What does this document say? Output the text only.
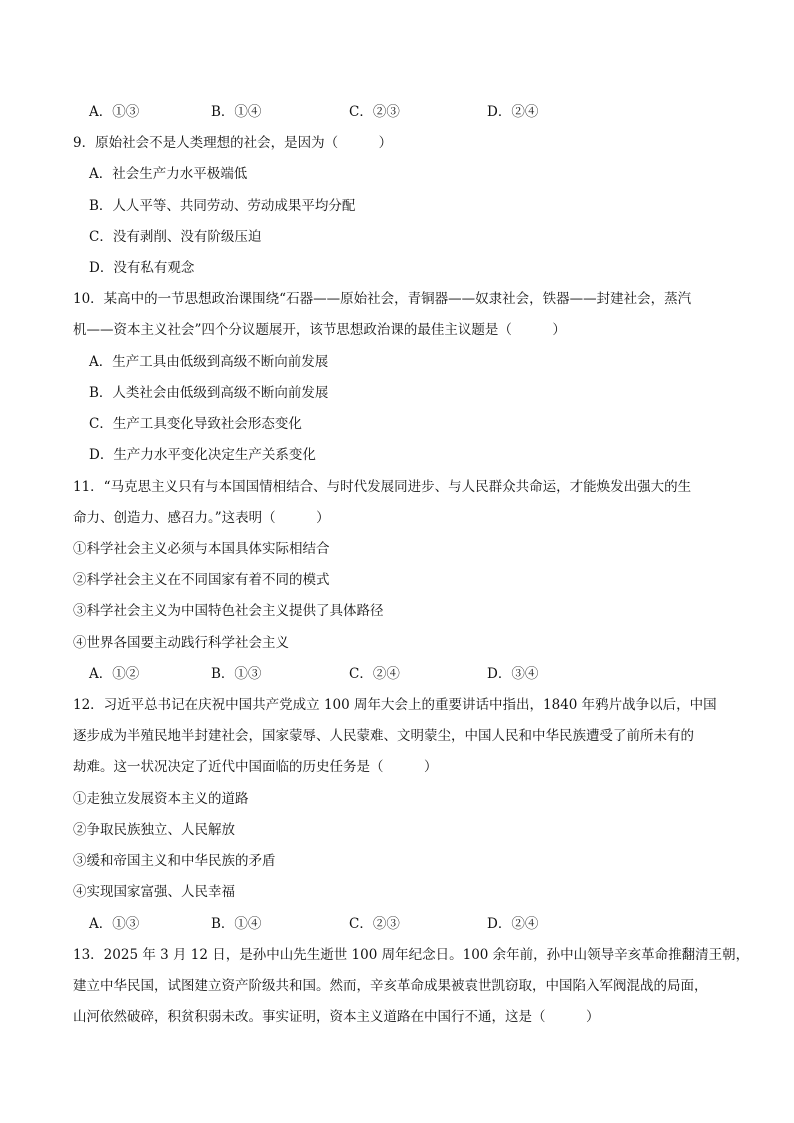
A．①③	B．①④	C．②③	D．②④
9．原始社会不是人类理想的社会，是因为（　　　）
A．社会生产力水平极端低
B．人人平等、共同劳动、劳动成果平均分配
C．没有剥削、没有阶级压迫
D．没有私有观念
10．某高中的一节思想政治课围绕“石器——原始社会，青铜器——奴隶社会，铁器——封建社会，蒸汽
机——资本主义社会”四个分议题展开，该节思想政治课的最佳主议题是（　　　）
A．生产工具由低级到高级不断向前发展
B．人类社会由低级到高级不断向前发展
C．生产工具变化导致社会形态变化
D．生产力水平变化决定生产关系变化
11．“马克思主义只有与本国国情相结合、与时代发展同进步、与人民群众共命运，才能焕发出强大的生
命力、创造力、感召力。”这表明（　　　）
①科学社会主义必须与本国具体实际相结合
②科学社会主义在不同国家有着不同的模式
③科学社会主义为中国特色社会主义提供了具体路径
④世界各国要主动践行科学社会主义
A．①②	B．①③	C．②④	D．③④
12．习近平总书记在庆祝中国共产党成立 100 周年大会上的重要讲话中指出，1840 年鸦片战争以后，中国
逐步成为半殖民地半封建社会，国家蒙辱、人民蒙难、文明蒙尘，中国人民和中华民族遭受了前所未有的
劫难。这一状况决定了近代中国面临的历史任务是（　　　）
①走独立发展资本主义的道路
②争取民族独立、人民解放
③缓和帝国主义和中华民族的矛盾
④实现国家富强、人民幸福
A．①③	B．①④	C．②③	D．②④
13．2025 年 3 月 12 日，是孙中山先生逝世 100 周年纪念日。100 余年前，孙中山领导辛亥革命推翻清王朝，
建立中华民国，试图建立资产阶级共和国。然而，辛亥革命成果被袁世凯窃取，中国陷入军阀混战的局面，
山河依然破碎，积贫积弱未改。事实证明，资本主义道路在中国行不通，这是（　　　）
